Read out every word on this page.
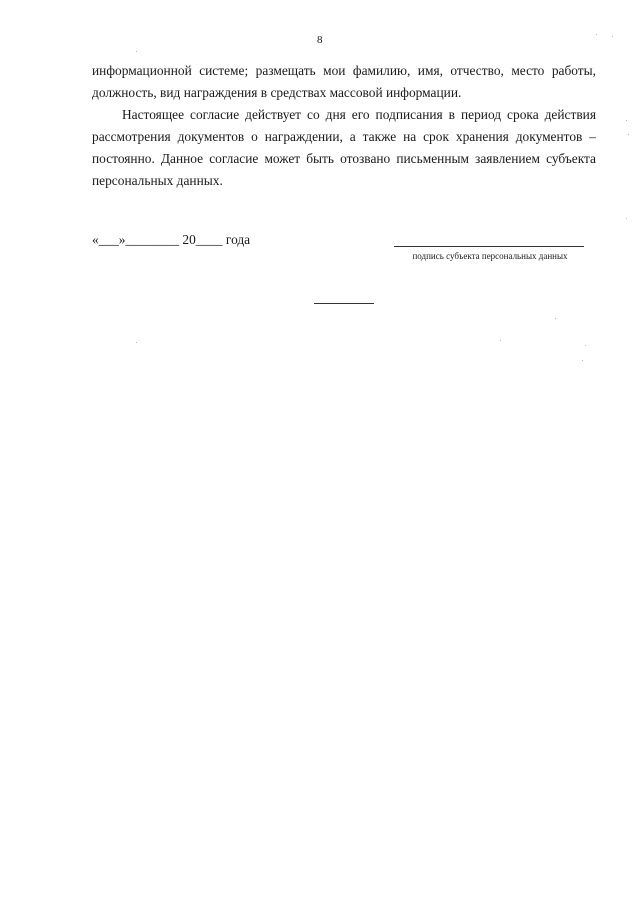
8

информационной системе; размещать мои фамилию, имя, отчество, место работы, должность, вид награждения в средствах массовой информации.

Настоящее согласие действует со дня его подписания в период срока действия рассмотрения документов о награждении, а также на срок хранения документов – постоянно. Данное согласие может быть отозвано письменным заявлением субъекта персональных данных.

«___»________ 20____ года
подпись субъекта персональных данных
